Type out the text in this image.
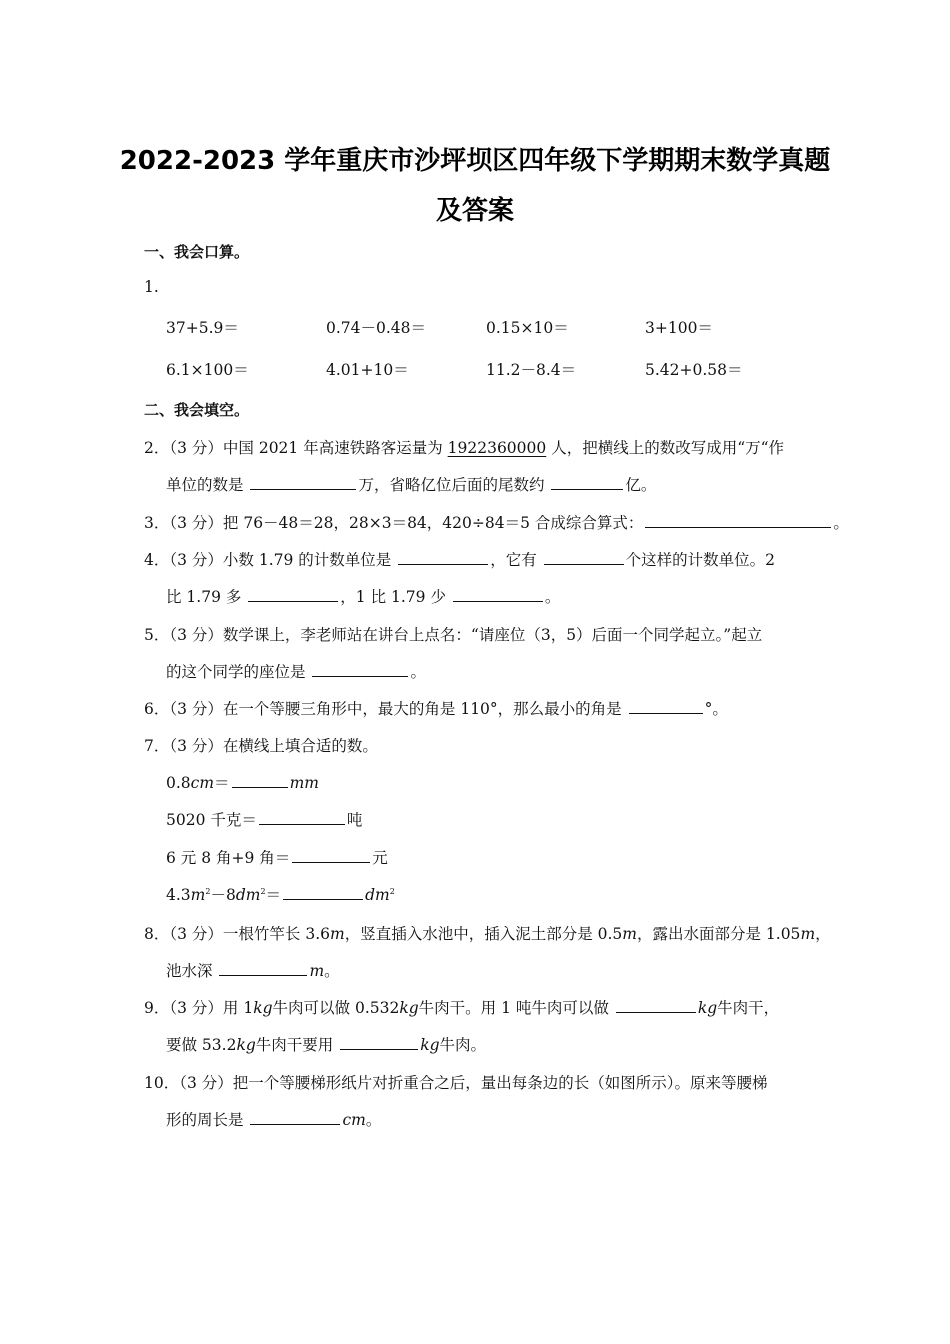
2022-2023 学年重庆市沙坪坝区四年级下学期期末数学真题
及答案
一、我会口算。
1.
37+5.9＝	0.74－0.48＝	0.15×10＝	3+100＝
6.1×100＝	4.01+10＝	11.2－8.4＝	5.42+0.58＝
二、我会填空。
2．（3 分）中国 2021 年高速铁路客运量为 1922360000 人，把横线上的数改写成用“万“作
单位的数是	万，省略亿位后面的尾数约	亿。
3．（3 分）把 76－48＝28，28×3＝84，420÷84＝5 合成综合算式：	。
4．（3 分）小数 1.79 的计数单位是	，它有	个这样的计数单位。2
比 1.79 多	，1 比 1.79 少	。
5．（3 分）数学课上，李老师站在讲台上点名：“请座位（3，5）后面一个同学起立。”起立
的这个同学的座位是	。
6．（3 分）在一个等腰三角形中，最大的角是 110°，那么最小的角是	°。
7．（3 分）在横线上填合适的数。
0.8cm＝	mm
5020 千克＝	吨
6 元 8 角+9 角＝	元
$4.3m^2-8dm^2=$	$dm^2$
8．（3 分）一根竹竿长 3.6m，竖直插入水池中，插入泥土部分是 0.5m，露出水面部分是 1.05m，
池水深	m。
9．（3 分）用 1kg牛肉可以做 0.532kg牛肉干。用 1 吨牛肉可以做	kg牛肉干，
要做 53.2kg牛肉干要用	kg牛肉。
10．（3 分）把一个等腰梯形纸片对折重合之后，量出每条边的长（如图所示）。原来等腰梯
形的周长是	cm。
